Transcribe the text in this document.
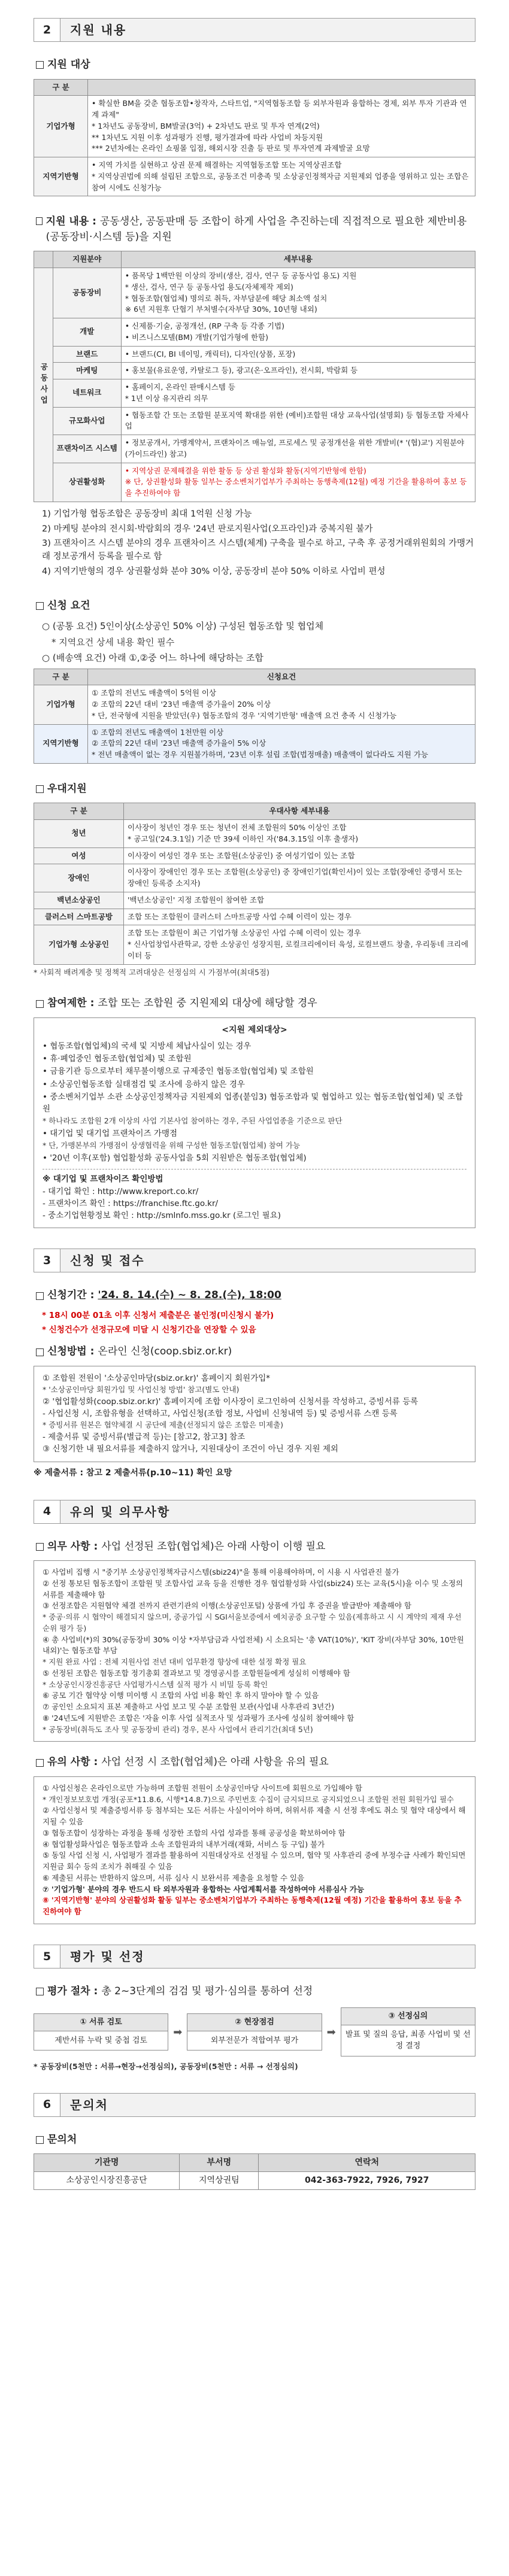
2	지원 내용
지원 대상
구 분	
기업가형	• 확실한 BM을 갖춘 협동조합•창작자, 스타트업, "지역협동조합 등 외부자원과 융합하는 경제, 외부 투자 기관과 연계 과제"
* 1차년도 공동장비, BM발굴(3억) + 2차년도 판로 및 투자 연계(2억)
** 1차년도 지원 이후 성과평가 진행, 평가결과에 따라 사업비 차등지원
*** 2년차에는 온라인 쇼핑몰 입점, 해외시장 진출 등 판로 및 투자연계 과제발굴 요망
지역기반형	• 지역 가치를 실현하고 상권 문제 해결하는 지역협동조합 또는 지역상권조합
* 지역상권법에 의해 설립된 조합으로, 공동조건 미충족 및 소상공인정책자금 지원제외 업종을 영위하고 있는 조합은 참여 시에도 신청가능
지원 내용 : 공동생산, 공동판매 등 조합이 하게 사업을 추진하는데 직접적으로 필요한 제반비용(공동장비·시스템 등)을 지원
	지원분야	세부내용
공동사업	공동장비	• 품목당 1백만원 이상의 장비(생산, 검사, 연구 등 공동사업 용도) 지원
* 생산, 검사, 연구 등 공동사업 용도(자체제작 제외)
* 협동조합(협업체) 명의로 취득, 자부담분에 해당 최소액 설치
※ 6년 지원후 단협기 부처별수(자부담 30%, 10년형 내외)
	개발	• 신제품·기술, 공정개선, (RP 구축 등 각종 기법)
• 비즈니스모델(BM) 개발(기업가형에 한함)
	브랜드	• 브랜드(CI, BI 네이밍, 캐릭터), 디자인(상품, 포장)
	마케팅	• 홍보물(유료운영, 카탈로그 등), 광고(온·오프라인), 전시회, 박람회 등
	네트워크	• 홈페이지, 온라인 판매시스템 등
* 1년 이상 유지관리 의무
	규모화사업	• 협동조합 간 또는 조합원 분포지역 확대를 위한 (예비)조합원 대상 교육사업(설명회) 등 협동조합 자체사업
	프랜차이즈 시스템	• 정보공개서, 가맹계약서, 프랜차이즈 매뉴얼, 프로세스 및 공정개선을 위한 개발비(* '(협)교') 지원분야(가이드라인) 참고)
	상권활성화	• 지역상권 문제해결을 위한 활동 등 상권 활성화 활동(지역기반형에 한함)
※ 단, 상권활성화 활동 일부는 중소벤처기업부가 주최하는 동행축제(12월) 예정 기간을 활용하여 홍보 등을 추진하여야 함
1) 기업가형 협동조합은 공동장비 최대 1억원 신청 가능
2) 마케팅 분야의 전시회·박람회의 경우 '24년 판로지원사업(오프라인)과 중복지원 불가
3) 프랜차이즈 시스템 분야의 경우 프랜차이즈 시스템(체계) 구축을 필수로 하고, 구축 후 공정거래위원회의 가맹거래 정보공개서 등록을 필수로 함
4) 지역기반형의 경우 상권활성화 분야 30% 이상, 공동장비 분야 50% 이하로 사업비 편성
신청 요건
○ (공통 요건) 5인이상(소상공인 50% 이상) 구성된 협동조합 및 협업체
* 지역요건 상세 내용 확인 필수
○ (배송액 요건) 아래 ①,②중 어느 하나에 해당하는 조합
구 분	신청요건
기업가형	① 조합의 전년도 매출액이 5억원 이상
② 조합의 22년 대비 '23년 매출액 증가율이 20% 이상
* 단, 전국형에 지원을 받았던(우) 협동조합의 경우 '지역기반형' 매출액 요건 충족 시 신청가능
지역기반형	① 조합의 전년도 매출액이 1천만원 이상
② 조합의 22년 대비 '23년 매출액 증가율이 5% 이상
* 전년 매출액이 없는 경우 지원불가하며, '23년 이후 설립 조합(법정매출) 매출액이 없다라도 지원 가능
우대지원
구 분	우대사항 세부내용
청년	이사장이 청년인 경우 또는 청년이 전체 조합원의 50% 이상인 조합
* 공고일('24.3.1일) 기준 만 39세 이하인 자('84.3.15일 이후 출생자)
여성	이사장이 여성인 경우 또는 조합원(소상공인) 중 여성기업이 있는 조합
장애인	이사장이 장애인인 경우 또는 조합원(소상공인) 중 장애인기업(확인서)이 있는 조합(장애인 증명서 또는 장애인 등록증 소지자)
백년소상공인	'백년소상공인' 지정 조합원이 참여한 조합
클러스터 스마트공방	조합 또는 조합원이 클러스터 스마트공방 사업 수혜 이력이 있는 경우
기업가형 소상공인	조합 또는 조합원이 최근 기업가형 소상공인 사업 수혜 이력이 있는 경우
* 신사업창업사관학교, 강한 소상공인 성장지원, 로컬크리에이터 육성, 로컬브랜드 창출, 우리동네 크리에이터 등
* 사회적 배려계층 및 정책적 고려대상은 선정심의 시 가점부여(최대5점)
참여제한 : 조합 또는 조합원 중 지원제외 대상에 해당할 경우
<지원 제외대상>
• 협동조합(협업체)의 국세 및 지방세 체납사실이 있는 경우
• 휴·폐업중인 협동조합(협업체) 및 조합원
• 금융기관 등으로부터 채무불이행으로 규제중인 협동조합(협업체) 및 조합원
• 소상공인협동조합 실태점검 및 조사에 응하지 않은 경우
• 중소벤처기업부 소관 소상공인정책자금 지원제외 업종(붙임3) 협동조합과 및 협업하고 있는 협동조합(협업체) 및 조합원
* 하나라도 조합원 2개 이상의 사업 기본사업 참여하는 경우, 주된 사업업종을 기준으로 판단
• 대기업 및 대기업 프랜차이즈 가맹점
* 단, 가맹본부의 가맹점이 상생협력을 위해 구성한 협동조합(협업체) 참여 가능
• '20년 이후(포함) 협업활성화 공동사업을 5회 지원받은 협동조합(협업체)
※ 대기업 및 프랜차이즈 확인방법
- 대기업 확인 : http://www.kreport.co.kr/
- 프랜차이즈 확인 : https://franchise.ftc.go.kr/
- 중소기업현황정보 확인 : http://smlnfo.mss.go.kr (로그인 필요)
3	신청 및 접수
신청기간 : '24. 8. 14.(수) ~ 8. 28.(수), 18:00
* 18시 00분 01초 이후 신청서 제출분은 불인정(미신청시 불가)
* 신청건수가 선정규모에 미달 시 신청기간을 연장할 수 있음
신청방법 : 온라인 신청(coop.sbiz.or.kr)
① 조합원 전원이 '소상공인마당(sbiz.or.kr)' 홈페이지 회원가입*
* '소상공인마당 회원가입 및 사업신청 방법' 참고(별도 안내)
② '협업활성화(coop.sbiz.or.kr)' 홈페이지에 조합 이사장이 로그인하여 신청서를 작성하고, 증빙서류 등록
- 사업신청 시, 조합유형을 선택하고, 사업신청(조합 정보, 사업비 신청내역 등) 및 증빙서류 스캔 등록
* 증빙서류 원본은 협약체결 시 공단에 제출(선정되지 않은 조합은 미제출)
- 제출서류 및 증빙서류(별급적 등)는 [참고2, 참고3] 참조
③ 신청기한 내 필요서류를 제출하지 않거나, 지원대상이 조건이 아닌 경우 지원 제외
※ 제출서류 : 참고 2 제출서류(p.10~11) 확인 요망
4	유의 및 의무사항
의무 사항 : 사업 선정된 조합(협업체)은 아래 사항이 이행 필요
① 사업비 집행 시 "중기부 소상공인정책자금시스템(sbiz24)"을 통해 이용해야하며, 이 시용 시 사업관진 불가
② 선정 통보된 협동조합이 조합원 및 조합사업 교육 등을 진행한 경우 협업활성화 사업(sbiz24) 또는 교육(5시)을 이수 및 소정의 서류를 제출해야 함
③ 선정조합은 지원협약 체결 전까지 관련기관의 이행(소상공인포털) 상품에 가입 후 증권을 발급받아 제출해야 함
* 중공·의류 시 협약이 해결되지 않으며, 중공가입 시 SGI서울보증에서 예치공증 요구할 수 있음(제휴하고 시 시 계약의 제재 우선순위 평가 등)
④ 총 사업비(*)의 30%(공동장비 30% 이상 *자부담금과 사업전체) 시 소요되는 '총 VAT(10%)', 'KIT 장비(자부담 30%, 10만원 내외)'는 협동조합 부담
* 지원 완료 사업 : 전체 지원사업 전년 대비 업무환경 향상에 대한 설정 확정 필요
⑤ 선정된 조합은 협동조합 정기총회 결과보고 및 경영공시를 조합원들에게 성실히 이행해야 함
* 소상공인시장진흥공단 사업평가시스템 실적 평가 시 비밀 등록 확인
⑥ 공모 기간 협약상 이행 미이행 시 조합의 사업 비용 확인 후 하지 말아야 할 수 있음
⑦ 공인인 소요되지 표본 제출하고 사업 보고 및 수분 조합원 보관(사업내 사후관리 3년간)
⑧ '24년도에 지원받은 조합은 '자율 이후 사업 실적조사 및 성과평가 조사에 성실히 참여해야 함
* 공동장비(취득도 조사 및 공동장비 관리) 경우, 본사 사업에서 관리기간(최대 5년)
유의 사항 : 사업 선정 시 조합(협업체)은 아래 사항을 유의 필요
① 사업신청은 온라인으로만 가능하며 조합원 전원이 소상공인마당 사이트에 회원으로 가입해야 함
* 개인정보보호법 개정(공포*11.8.6, 시행*14.8.7)으로 주민번호 수집이 금지되므로 공지되었으니 조합원 전원 회원가입 필수
② 사업신청서 및 제출증빙서류 등 첨부되는 모든 서류는 사실이어야 하며, 허위서류 제출 시 선정 후에도 취소 및 협약 대상에서 해지될 수 있음
③ 협동조합이 성장하는 과정을 통해 성장한 조합의 사업 성과를 통해 공공성을 확보하여야 함
④ 협업활성화사업은 협동조합과 소속 조합원과의 내부거래(재화, 서비스 등 구입) 불가
⑤ 동일 사업 신청 시, 사업평가 결과를 활용하여 지원대상자로 선정될 수 있으며, 협약 및 사후관리 중에 부정수급 사례가 확인되면 지원금 회수 등의 조치가 취해질 수 있음
⑥ 제출된 서류는 반환하지 않으며, 서류 심사 시 보완서류 제출을 요청할 수 있음
⑦ '기업가형' 분야의 경우 반드시 타 외부자원과 융합하는 사업계획서를 작성하여야 서류심사 가능
⑧ '지역기반형' 분야의 상권활성화 활동 일부는 중소벤처기업부가 주최하는 동행축제(12월 예정) 기간을 활용하여 홍보 등을 추진하여야 함
5	평가 및 선정
평가 절차 : 총 2~3단계의 검검 및 평가·심의를 통하여 선정
① 서류 검토
제반서류 누락 및 중첩 검토
➡
② 현장점검
외부전문가 적합여부 평가
➡
③ 선정심의
발표 및 질의 응답, 최종 사업비 및 선정 결정
* 공동장비(5천만 : 서류→현장→선정심의), 공동장비(5천만 : 서류 → 선정심의)
6	문의처
문의처
기관명	부서명	연락처
소상공인시장진흥공단	지역상권팀	042-363-7922, 7926, 7927
